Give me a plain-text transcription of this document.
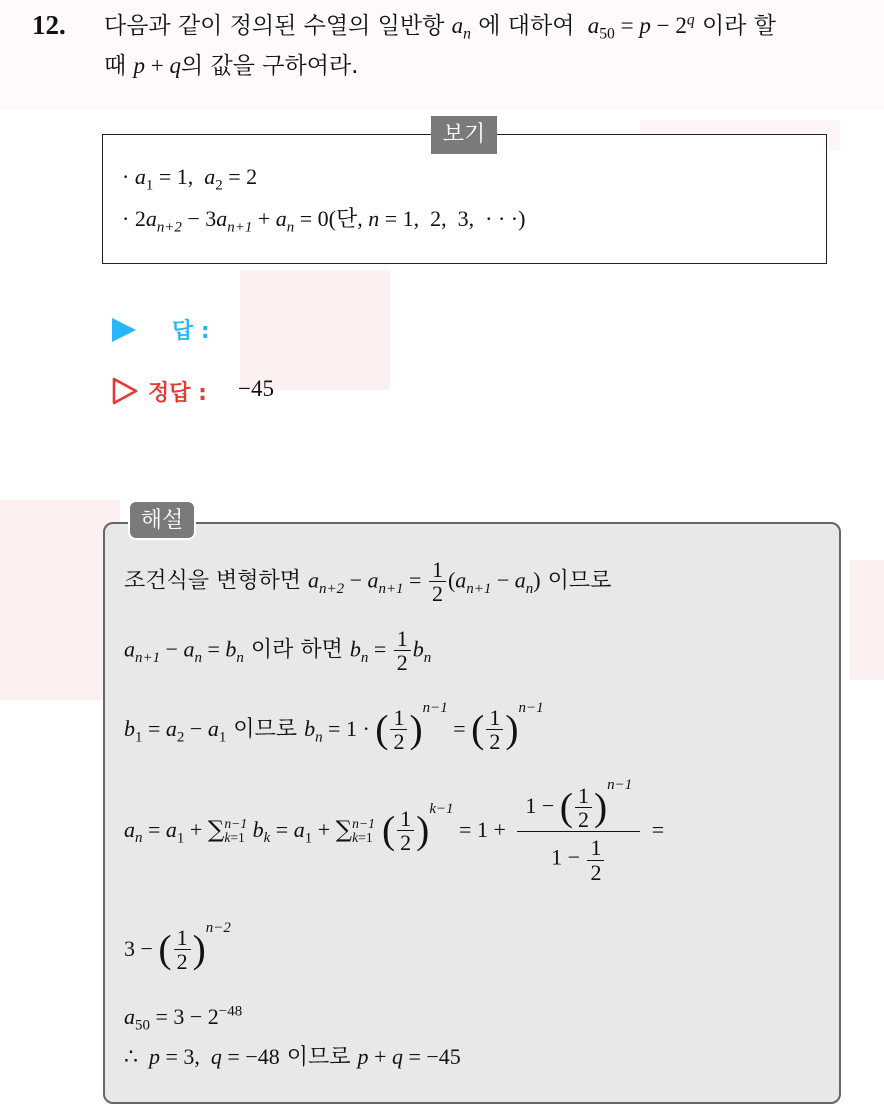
12. 다음과 같이 정의된 수열의 일반항 $a_n$ 에 대하여 $a_{50} = p - 2^q$ 이라 할
때 p + q의 값을 구하여라.
보기
· $a_1 = 1$,  $a_2 = 2$
· $2a_{n+2} - 3a_{n+1} + a_n = 0$(단, n = 1,  2,  3,  · · ·)
답 :
정답 : −45
해설
조건식을 변형하면 $a_{n+2} - a_{n+1} = \frac{1}{2} (a_{n+1} - a_n)$ 이므로
$a_{n+1} - a_n = b_n$ 이라 하면 $b_n = \frac{1}{2} b_n$
$b_1 = a_2 - a_1$ 이므로 $b_n = 1$ · ( $\frac{1}{2} )^{n-1}$ = ( $\frac{1}{2} )^{n-1}$
$a_n = a_1$ + ∑ n−1
k=1 $b_k = a_1$ + ∑ n−1
k=1 ( $\frac{1}{2} )^{k-1} = 1 + \frac{1 - ( \frac{1}{2} )^{n-1}}{1 - \frac{1}{2}}$ =
3 − ( $\frac{1}{2} )^{n-2}$
$a_{50} = 3 - 2^{-48}$
∴  p = 3,  q = −48 이므로 p + q = −45
